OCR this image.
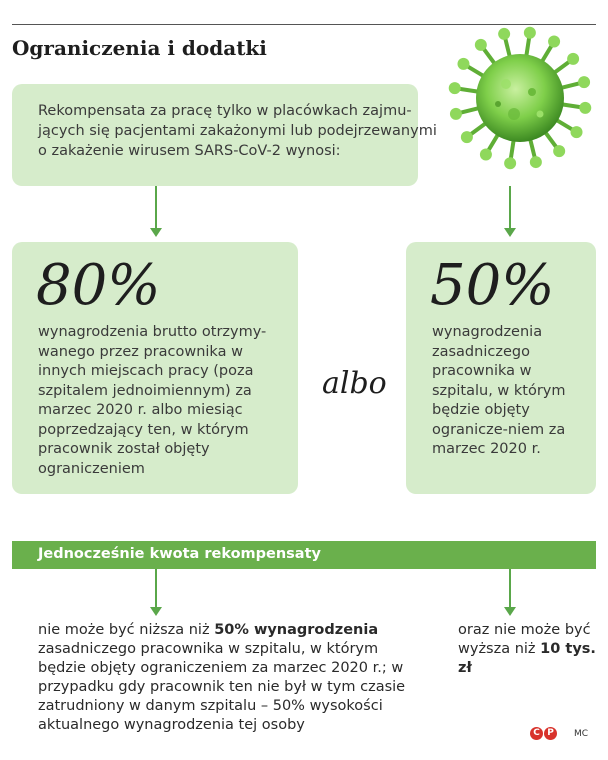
Ograniczenia i dodatki

Rekompensata za pracę tylko w placówkach zajmu-jących się pacjentami zakażonymi lub podejrzewanymi o zakażenie wirusem SARS-CoV-2 wynosi:

80%

wynagrodzenia brutto otrzymy-wanego przez pracownika w innych miejscach pracy (poza szpitalem jednoimiennym) za marzec 2020 r. albo miesiąc poprzedzający ten, w którym pracownik został objęty ograniczeniem

albo

50%

wynagrodzenia zasadniczego pracownika w szpitalu, w którym będzie objęty ogranicze-niem za marzec 2020 r.

Jednocześnie kwota rekompensaty

nie może być niższa niż 50% wynagrodzenia zasadniczego pracownika w szpitalu, w którym będzie objęty ograniczeniem za marzec 2020 r.; w przypadku gdy pracownik ten nie był w tym czasie zatrudniony w danym szpitalu – 50% wysokości aktualnego wynagrodzenia tej osoby

oraz nie może być wyższa niż 10 tys. zł

C P	MC
